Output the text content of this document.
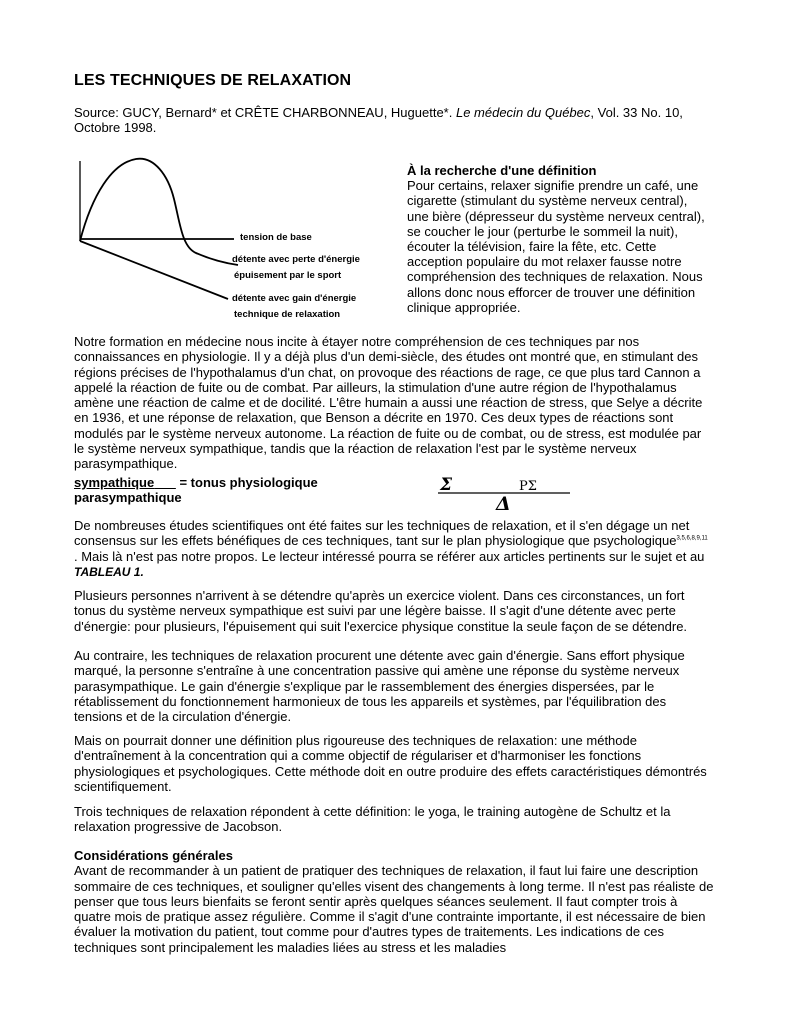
LES TECHNIQUES DE RELAXATION

Source: GUCY, Bernard* et CRÊTE CHARBONNEAU, Huguette*. Le médecin du Québec, Vol. 33 No. 10, Octobre 1998.

tension de base
détente avec perte d'énergie
épuisement par le sport
détente avec gain d'énergie
technique de relaxation
À la recherche d'une définition
Pour certains, relaxer signifie prendre un café, une cigarette (stimulant du système nerveux central), une bière (dépresseur du système nerveux central), se coucher le jour (perturbe le sommeil la nuit), écouter la télévision, faire la fête, etc. Cette acception populaire du mot relaxer fausse notre compréhension des techniques de relaxation. Nous allons donc nous efforcer de trouver une définition clinique appropriée.

Notre formation en médecine nous incite à étayer notre compréhension de ces techniques par nos connaissances en physiologie. Il y a déjà plus d'un demi-siècle, des études ont montré que, en stimulant des régions précises de l'hypothalamus d'un chat, on provoque des réactions de rage, ce que plus tard Cannon a appelé la réaction de fuite ou de combat. Par ailleurs, la stimulation d'une autre région de l'hypothalamus amène une réaction de calme et de docilité. L'être humain a aussi une réaction de stress, que Selye a décrite en 1936, et une réponse de relaxation, que Benson a décrite en 1970. Ces deux types de réactions sont modulés par le système nerveux autonome. La réaction de fuite ou de combat, ou de stress, est modulée par le système nerveux sympathique, tandis que la réaction de relaxation l'est par le système nerveux parasympathique.

sympathique       = tonus physiologique
parasympathique
Σ	PΣ
Δ

De nombreuses études scientifiques ont été faites sur les techniques de relaxation, et il s'en dégage un net consensus sur les effets bénéfiques de ces techniques, tant sur le plan physiologique que psychologique$^{3,5,6,8,9,11}$ . Mais là n'est pas notre propos. Le lecteur intéressé pourra se référer aux articles pertinents sur le sujet et au TABLEAU 1.

Plusieurs personnes n'arrivent à se détendre qu'après un exercice violent. Dans ces circonstances, un fort tonus du système nerveux sympathique est suivi par une légère baisse. Il s'agit d'une détente avec perte d'énergie: pour plusieurs, l'épuisement qui suit l'exercice physique constitue la seule façon de se détendre.

Au contraire, les techniques de relaxation procurent une détente avec gain d'énergie. Sans effort physique marqué, la personne s'entraîne à une concentration passive qui amène une réponse du système nerveux parasympathique. Le gain d'énergie s'explique par le rassemblement des énergies dispersées, par le rétablissement du fonctionnement harmonieux de tous les appareils et systèmes, par l'équilibration des tensions et de la circulation d'énergie.

Mais on pourrait donner une définition plus rigoureuse des techniques de relaxation: une méthode d'entraînement à la concentration qui a comme objectif de régulariser et d'harmoniser les fonctions physiologiques et psychologiques. Cette méthode doit en outre produire des effets caractéristiques démontrés scientifiquement.

Trois techniques de relaxation répondent à cette définition: le yoga, le training autogène de Schultz et la relaxation progressive de Jacobson.

Considérations générales
Avant de recommander à un patient de pratiquer des techniques de relaxation, il faut lui faire une description sommaire de ces techniques, et souligner qu'elles visent des changements à long terme. Il n'est pas réaliste de penser que tous leurs bienfaits se feront sentir après quelques séances seulement. Il faut compter trois à quatre mois de pratique assez régulière. Comme il s'agit d'une contrainte importante, il est nécessaire de bien évaluer la motivation du patient, tout comme pour d'autres types de traitements. Les indications de ces techniques sont principalement les maladies liées au stress et les maladies
